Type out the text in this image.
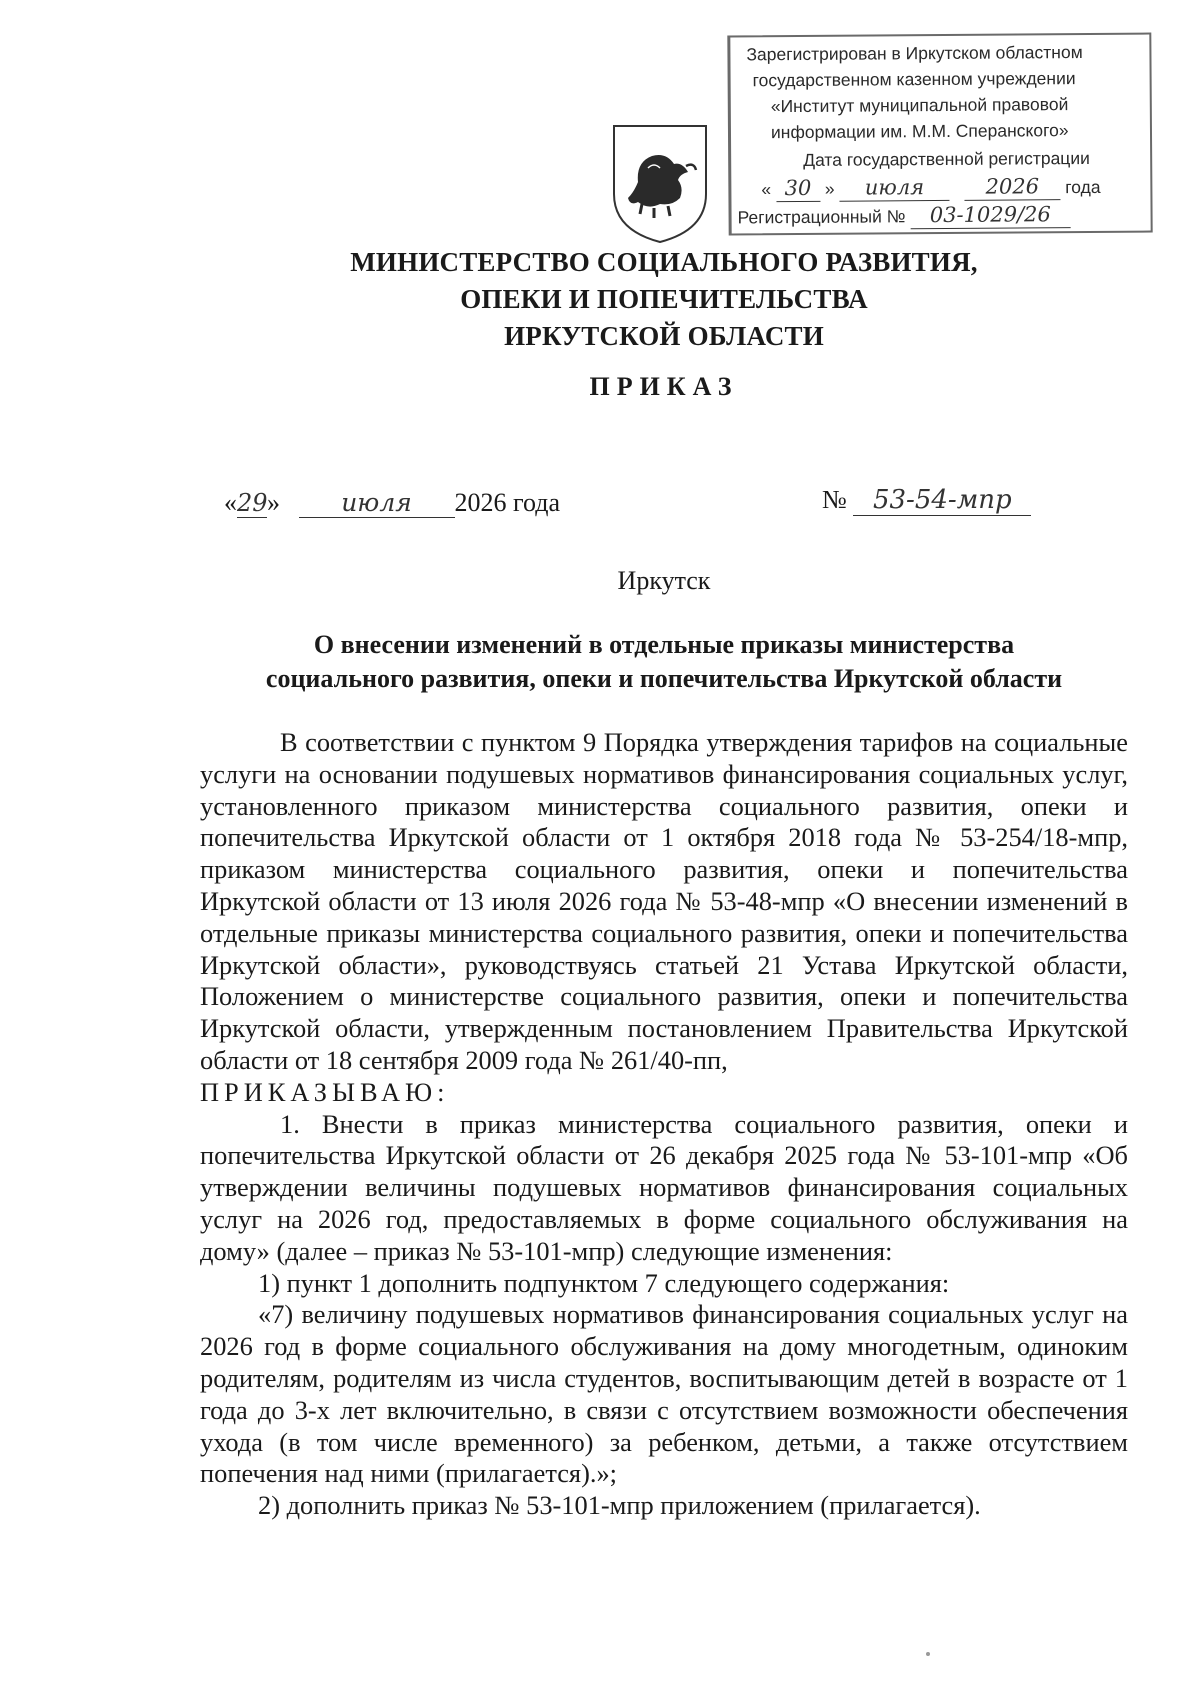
Зарегистрирован в Иркутском областном
государственном казенном учреждении
«Институт муниципальной правовой
информации им. М.М. Сперанского»
Дата государственной регистрации
« 30 » июля	2026 года
Регистрационный № 03-1029/26
МИНИСТЕРСТВО СОЦИАЛЬНОГО РАЗВИТИЯ,
ОПЕКИ И ПОПЕЧИТЕЛЬСТВА
ИРКУТСКОЙ ОБЛАСТИ
ПРИКАЗ
«29» июля 2026 года	№ 53-54-мпр
Иркутск
О внесении изменений в отдельные приказы министерства
социального развития, опеки и попечительства Иркутской области

В соответствии с пунктом 9 Порядка утверждения тарифов на социальные услуги на основании подушевых нормативов финансирования социальных услуг, установленного приказом министерства социального развития, опеки и попечительства Иркутской области от 1 октября 2018 года № 53-254/18-мпр, приказом министерства социального развития, опеки и попечительства Иркутской области от 13 июля 2026 года № 53-48-мпр «О внесении изменений в отдельные приказы министерства социального развития, опеки и попечительства Иркутской области», руководствуясь статьей 21 Устава Иркутской области, Положением о министерстве социального развития, опеки и попечительства Иркутской области, утвержденным постановлением Правительства Иркутской области от 18 сентября 2009 года № 261/40-пп,

ПРИКАЗЫВАЮ:

1. Внести в приказ министерства социального развития, опеки и попечительства Иркутской области от 26 декабря 2025 года № 53-101-мпр «Об утверждении величины подушевых нормативов финансирования социальных услуг на 2026 год, предоставляемых в форме социального обслуживания на дому» (далее – приказ № 53-101-мпр) следующие изменения:

1) пункт 1 дополнить подпунктом 7 следующего содержания:

«7) величину подушевых нормативов финансирования социальных услуг на 2026 год в форме социального обслуживания на дому многодетным, одиноким родителям, родителям из числа студентов, воспитывающим детей в возрасте от 1 года до 3-х лет включительно, в связи с отсутствием возможности обеспечения ухода (в том числе временного) за ребенком, детьми, а также отсутствием попечения над ними (прилагается).»;

2) дополнить приказ № 53-101-мпр приложением (прилагается).
